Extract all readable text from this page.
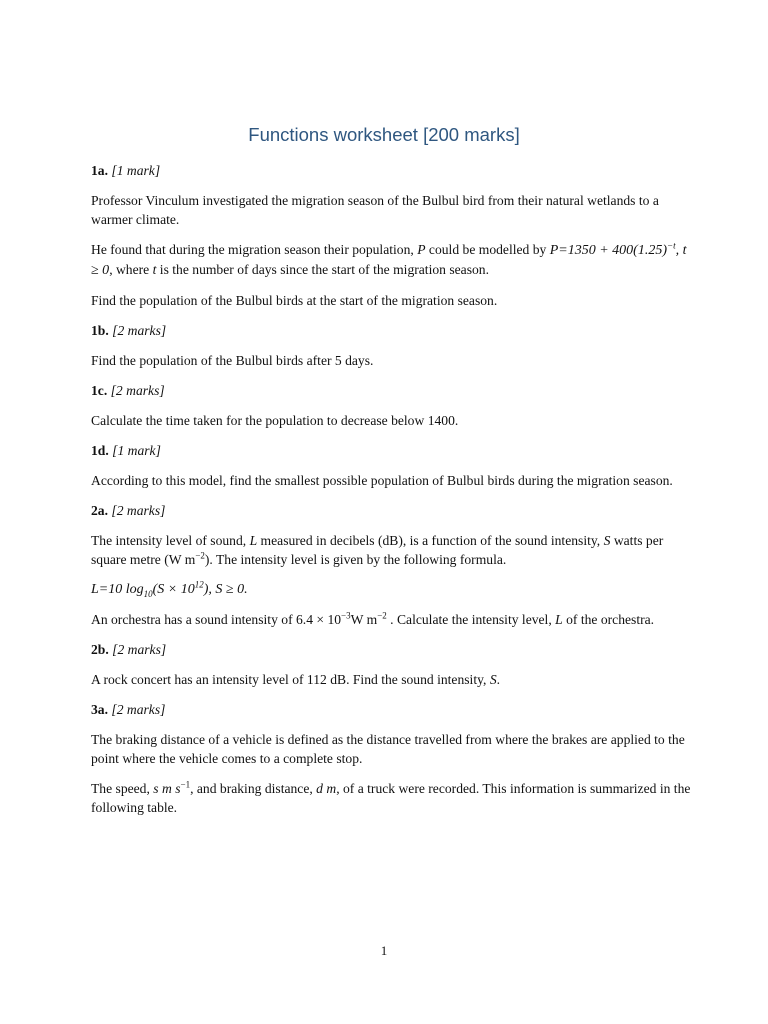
Functions worksheet [200 marks]

1a. [1 mark]

Professor Vinculum investigated the migration season of the Bulbul bird from their natural wetlands to a warmer climate.

He found that during the migration season their population, P could be modelled by $P=1350 + 400(1.25)^{-t}$, t ≥ 0, where t is the number of days since the start of the migration season.

Find the population of the Bulbul birds at the start of the migration season.

1b. [2 marks]

Find the population of the Bulbul birds after 5 days.

1c. [2 marks]

Calculate the time taken for the population to decrease below 1400.

1d. [1 mark]

According to this model, find the smallest possible population of Bulbul birds during the migration season.

2a. [2 marks]

The intensity level of sound, L measured in decibels (dB), is a function of the sound intensity, S watts per square metre (W $m^{-2}$). The intensity level is given by the following formula.

L=10 $\log_{10}(S \times 10^{12})$, S ≥ 0.

An orchestra has a sound intensity of $6.4 \times 10^{-3}W$ $m^{-2}$ . Calculate the intensity level, L of the orchestra.

2b. [2 marks]

A rock concert has an intensity level of 112 dB. Find the sound intensity, S.

3a. [2 marks]

The braking distance of a vehicle is defined as the distance travelled from where the brakes are applied to the point where the vehicle comes to a complete stop.

The speed, s m $s^{-1}$, and braking distance, d m, of a truck were recorded. This information is summarized in the following table.

1
